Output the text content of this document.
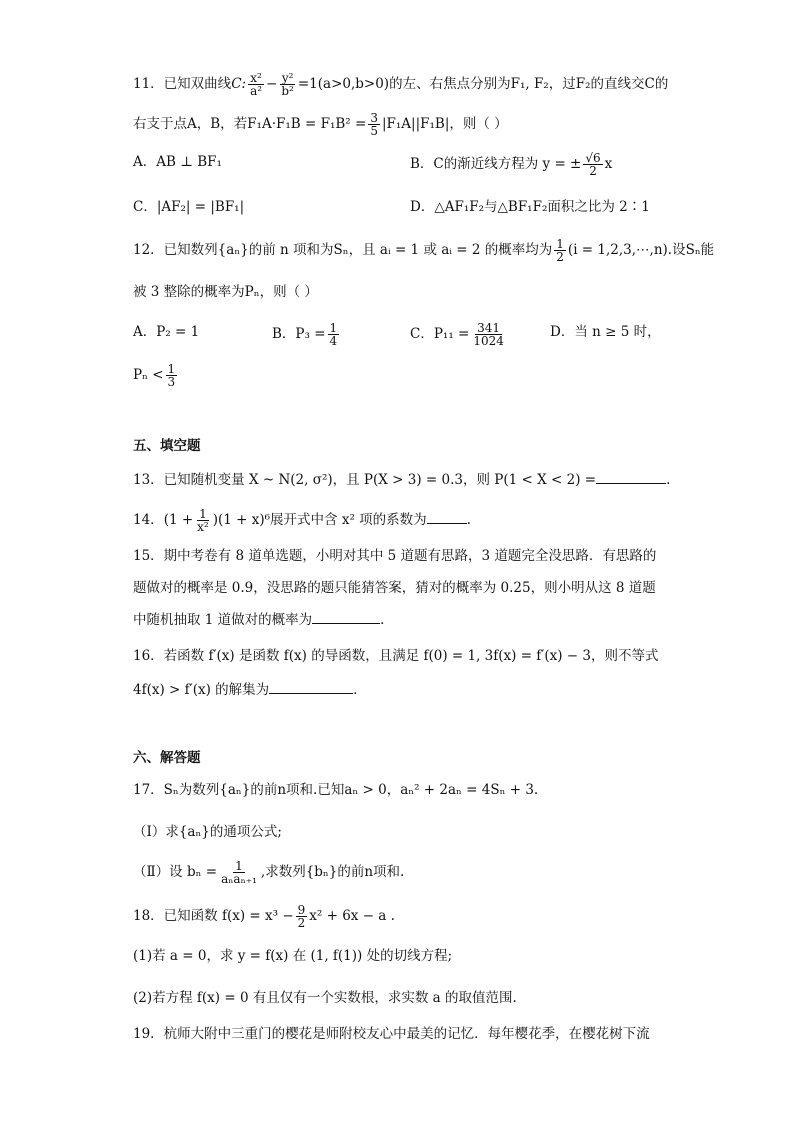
11．已知双曲线C: $\frac{\text{x²}}{\text{a²}} - \frac{\text{y²}}{\text{b²}} =1(a>0,b>0)$的左、右焦点分别为F₁, F₂，过F₂的直线交C的
右支于点A，B，若$F_1A\cdot F_1B = F_1B^2 = \frac{3}{5} |F_1A||F_1B|$，则（ ）
A．AB ⊥ BF₁	B．C的渐近线方程为 y = ± $\frac{√6}{2}$ x
C．|AF₂| = |BF₁|	D．△AF₁F₂与△BF₁F₂面积之比为 2∶1
12．已知数列{aₙ}的前 n 项和为Sₙ，且 aᵢ = 1 或 aᵢ = 2 的概率均为 $\frac{1}{2} (i$ = 1,2,3,⋯,n).设Sₙ能
被 3 整除的概率为Pₙ，则（ ）
A．P₂ = 1	B．$P_3 = \frac{1}{4}$	C．$P_{11} = \frac{341}{1024}$	D．当 n ≥ 5 时，
$P_n < \frac{1}{3}$
五、填空题
13．已知随机变量 X ~ N(2, σ²)，且 P(X > 3) = 0.3，则 P(1 < X < 2) =	.
14．$(1 + \frac{1}{\text{x²}} )(1 + x)^6$展开式中含 x² 项的系数为	.
15．期中考卷有 8 道单选题，小明对其中 5 道题有思路，3 道题完全没思路．有思路的
题做对的概率是 0.9，没思路的题只能猜答案，猜对的概率为 0.25，则小明从这 8 道题
中随机抽取 1 道做对的概率为	.
16．若函数 f′(x) 是函数 f(x) 的导函数，且满足 f(0) = 1, 3f(x) = f′(x) − 3，则不等式
4f(x) > f′(x) 的解集为	.
六、解答题
17．Sₙ为数列{aₙ}的前n项和.已知aₙ > 0，aₙ² + 2aₙ = 4Sₙ + 3.
（Ⅰ）求{aₙ}的通项公式;
（Ⅱ）设 $b_n = \frac{1}{\text{aₙaₙ₊₁}}$ ,求数列{bₙ}的前n项和.
18．已知函数 $f(x) = x^3 - \frac{9}{2} x^2 + 6x - a$ .
(1)若 a = 0，求 y = f(x) 在 (1, f(1)) 处的切线方程;
(2)若方程 f(x) = 0 有且仅有一个实数根，求实数 a 的取值范围.
19．杭师大附中三重门的樱花是师附校友心中最美的记忆．每年樱花季，在樱花树下流
